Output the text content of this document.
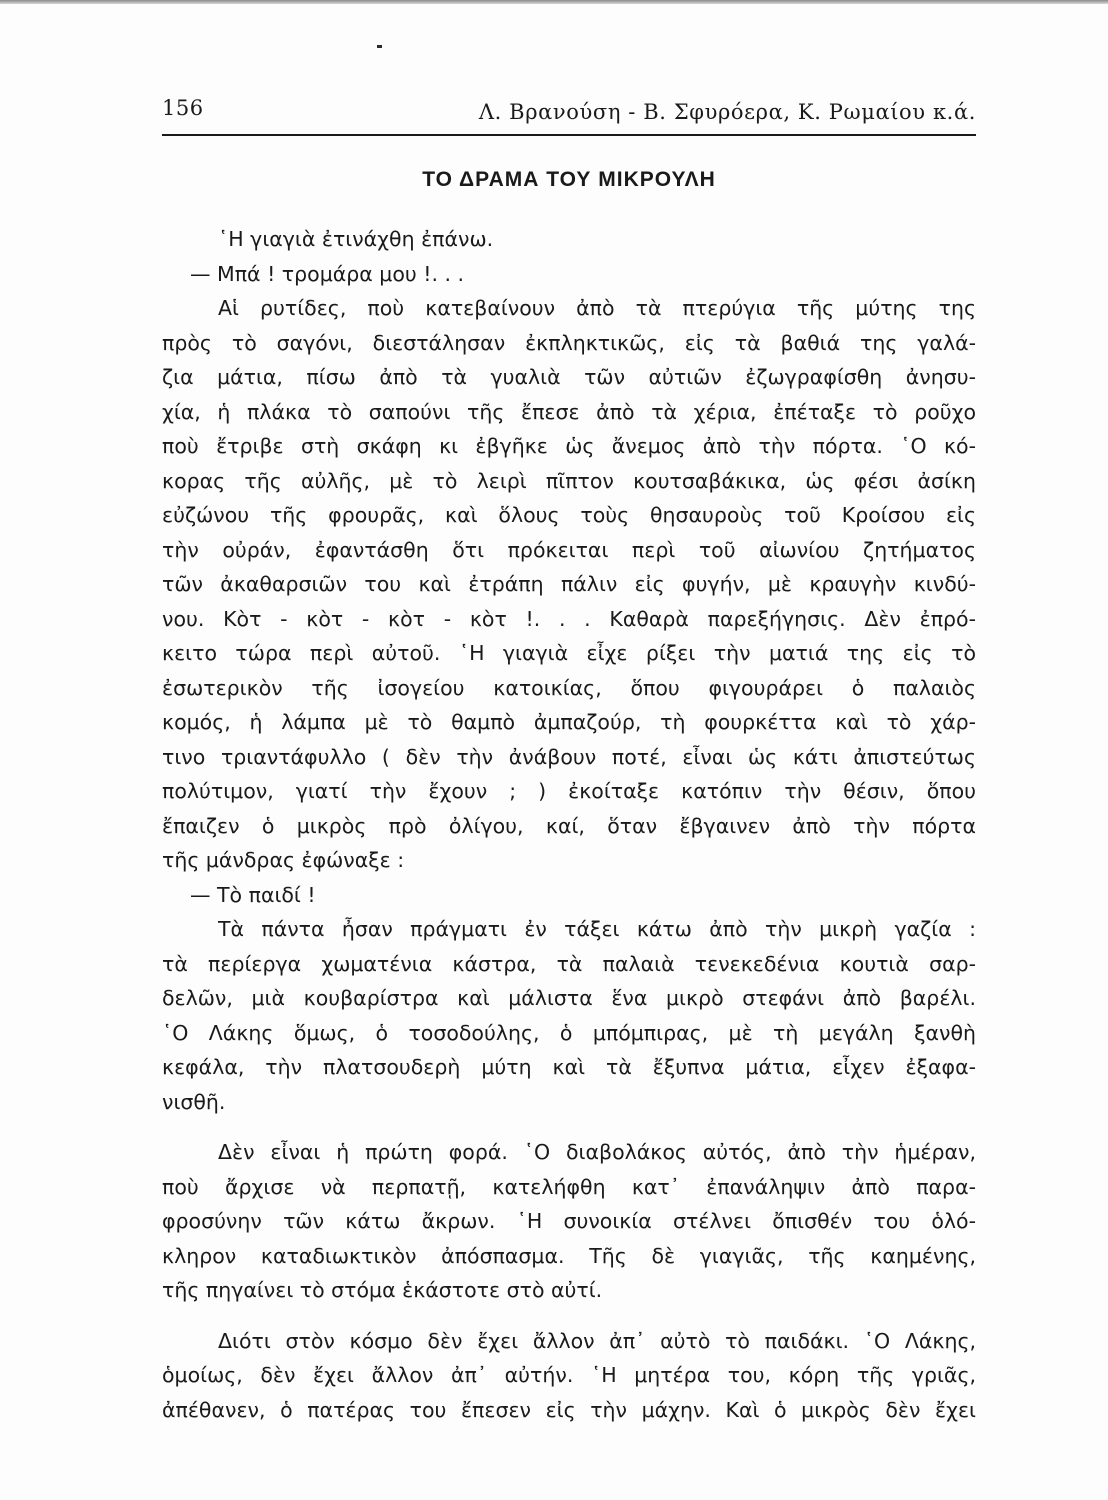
156	Λ. Βρανούση - Β. Σφυρόερα, Κ. Ρωμαίου κ.ά.
ΤΟ ΔΡΑΜΑ ΤΟΥ ΜΙΚΡΟΥΛΗ
῾Η γιαγιὰ ἐτινάχθη ἐπάνω.
— Μπά ! τρομάρα μου !. . .
Αἱ ρυτίδες, ποὺ κατεβαίνουν ἀπὸ τὰ πτερύγια τῆς μύτης της
πρὸς τὸ σαγόνι, διεστάλησαν ἐκπληκτικῶς, εἰς τὰ βαθιά της γαλά-
ζια μάτια, πίσω ἀπὸ τὰ γυαλιὰ τῶν αὐτιῶν ἐζωγραφίσθη ἀνησυ-
χία, ἡ πλάκα τὸ σαπούνι τῆς ἔπεσε ἀπὸ τὰ χέρια, ἐπέταξε τὸ ροῦχο
ποὺ ἔτριβε στὴ σκάφη κι ἐβγῆκε ὡς ἄνεμος ἀπὸ τὴν πόρτα. ῾Ο κό-
κορας τῆς αὐλῆς, μὲ τὸ λειρὶ πῖπτον κουτσαβάκικα, ὡς φέσι ἀσίκη
εὐζώνου τῆς φρουρᾶς, καὶ ὅλους τοὺς θησαυροὺς τοῦ Κροίσου εἰς
τὴν οὐράν, ἐφαντάσθη ὅτι πρόκειται περὶ τοῦ αἰωνίου ζητήματος
τῶν ἀκαθαρσιῶν του καὶ ἐτράπη πάλιν εἰς φυγήν, μὲ κραυγὴν κινδύ-
νου. Κὸτ - κὸτ - κὸτ - κὸτ !. . . Καθαρὰ παρεξήγησις. Δὲν ἐπρό-
κειτο τώρα περὶ αὐτοῦ. ῾Η γιαγιὰ εἶχε ρίξει τὴν ματιά της εἰς τὸ
ἐσωτερικὸν τῆς ἰσογείου κατοικίας, ὅπου φιγουράρει ὁ παλαιὸς
κομός, ἡ λάμπα μὲ τὸ θαμπὸ ἀμπαζούρ, τὴ φουρκέττα καὶ τὸ χάρ-
τινο τριαντάφυλλο ( δὲν τὴν ἀνάβουν ποτέ, εἶναι ὡς κάτι ἀπιστεύτως
πολύτιμον, γιατί τὴν ἔχουν ; ) ἐκοίταξε κατόπιν τὴν θέσιν, ὅπου
ἔπαιζεν ὁ μικρὸς πρὸ ὀλίγου, καί, ὅταν ἔβγαινεν ἀπὸ τὴν πόρτα
τῆς μάνδρας ἐφώναξε :
— Τὸ παιδί !
Τὰ πάντα ἦσαν πράγματι ἐν τάξει κάτω ἀπὸ τὴν μικρὴ γαζία :
τὰ περίεργα χωματένια κάστρα, τὰ παλαιὰ τενεκεδένια κουτιὰ σαρ-
δελῶν, μιὰ κουβαρίστρα καὶ μάλιστα ἕνα μικρὸ στεφάνι ἀπὸ βαρέλι.
῾Ο Λάκης ὅμως, ὁ τοσοδούλης, ὁ μπόμπιρας, μὲ τὴ μεγάλη ξανθὴ
κεφάλα, τὴν πλατσουδερὴ μύτη καὶ τὰ ἔξυπνα μάτια, εἶχεν ἐξαφα-
νισθῆ.
Δὲν εἶναι ἡ πρώτη φορά. ῾Ο διαβολάκος αὐτός, ἀπὸ τὴν ἡμέραν,
ποὺ ἄρχισε νὰ περπατῇ, κατελήφθη κατ᾿ ἐπανάληψιν ἀπὸ παρα-
φροσύνην τῶν κάτω ἄκρων. ῾Η συνοικία στέλνει ὄπισθέν του ὁλό-
κληρον καταδιωκτικὸν ἀπόσπασμα. Τῆς δὲ γιαγιᾶς, τῆς καημένης,
τῆς πηγαίνει τὸ στόμα ἑκάστοτε στὸ αὐτί.
Διότι στὸν κόσμο δὲν ἔχει ἄλλον ἀπ᾿ αὐτὸ τὸ παιδάκι. ῾Ο Λάκης,
ὁμοίως, δὲν ἔχει ἄλλον ἀπ᾿ αὐτήν. ῾Η μητέρα του, κόρη τῆς γριᾶς,
ἀπέθανεν, ὁ πατέρας του ἔπεσεν εἰς τὴν μάχην. Καὶ ὁ μικρὸς δὲν ἔχει
